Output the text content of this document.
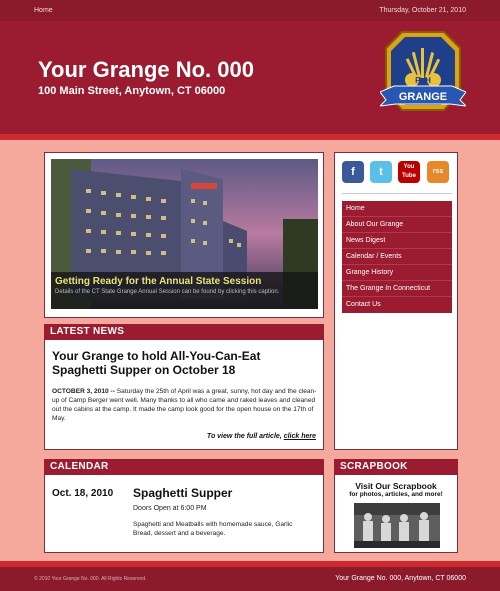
Home	Thursday, October 21, 2010
Your Grange No. 000
100 Main Street, Anytown, CT 06000
P+H
GRANGE
Getting Ready for the Annual State Session
Details of the CT State Grange Annual Session can be found by clicking this caption.
LATEST NEWS
Your Grange to hold All-You-Can-Eat Spaghetti Supper on October 18
OCTOBER 3, 2010 -- Saturday the 25th of April was a great, sunny, hot day and the clean-up of Camp Berger went well. Many thanks to all who came and raked leaves and cleaned out the cabins at the camp. It made the camp look good for the open house on the 17th of May.
To view the full article, click here
CALENDAR
Oct. 18, 2010 Spaghetti Supper
Doors Open at 6:00 PM
Spaghetti and Meatballs with homemade sauce, Garlic Bread, dessert and a beverage.
f	t	You Tube
rss
Home
About Our Grange
News Digest
Calendar / Events
Grange History
The Grange In Connecticut
Contact Us
SCRAPBOOK
Visit Our Scrapbook
for photos, articles, and more!
© 2010 Your Grange No. 000. All Rights Reserved.	Your Grange No. 000, Anytown, CT 06000
